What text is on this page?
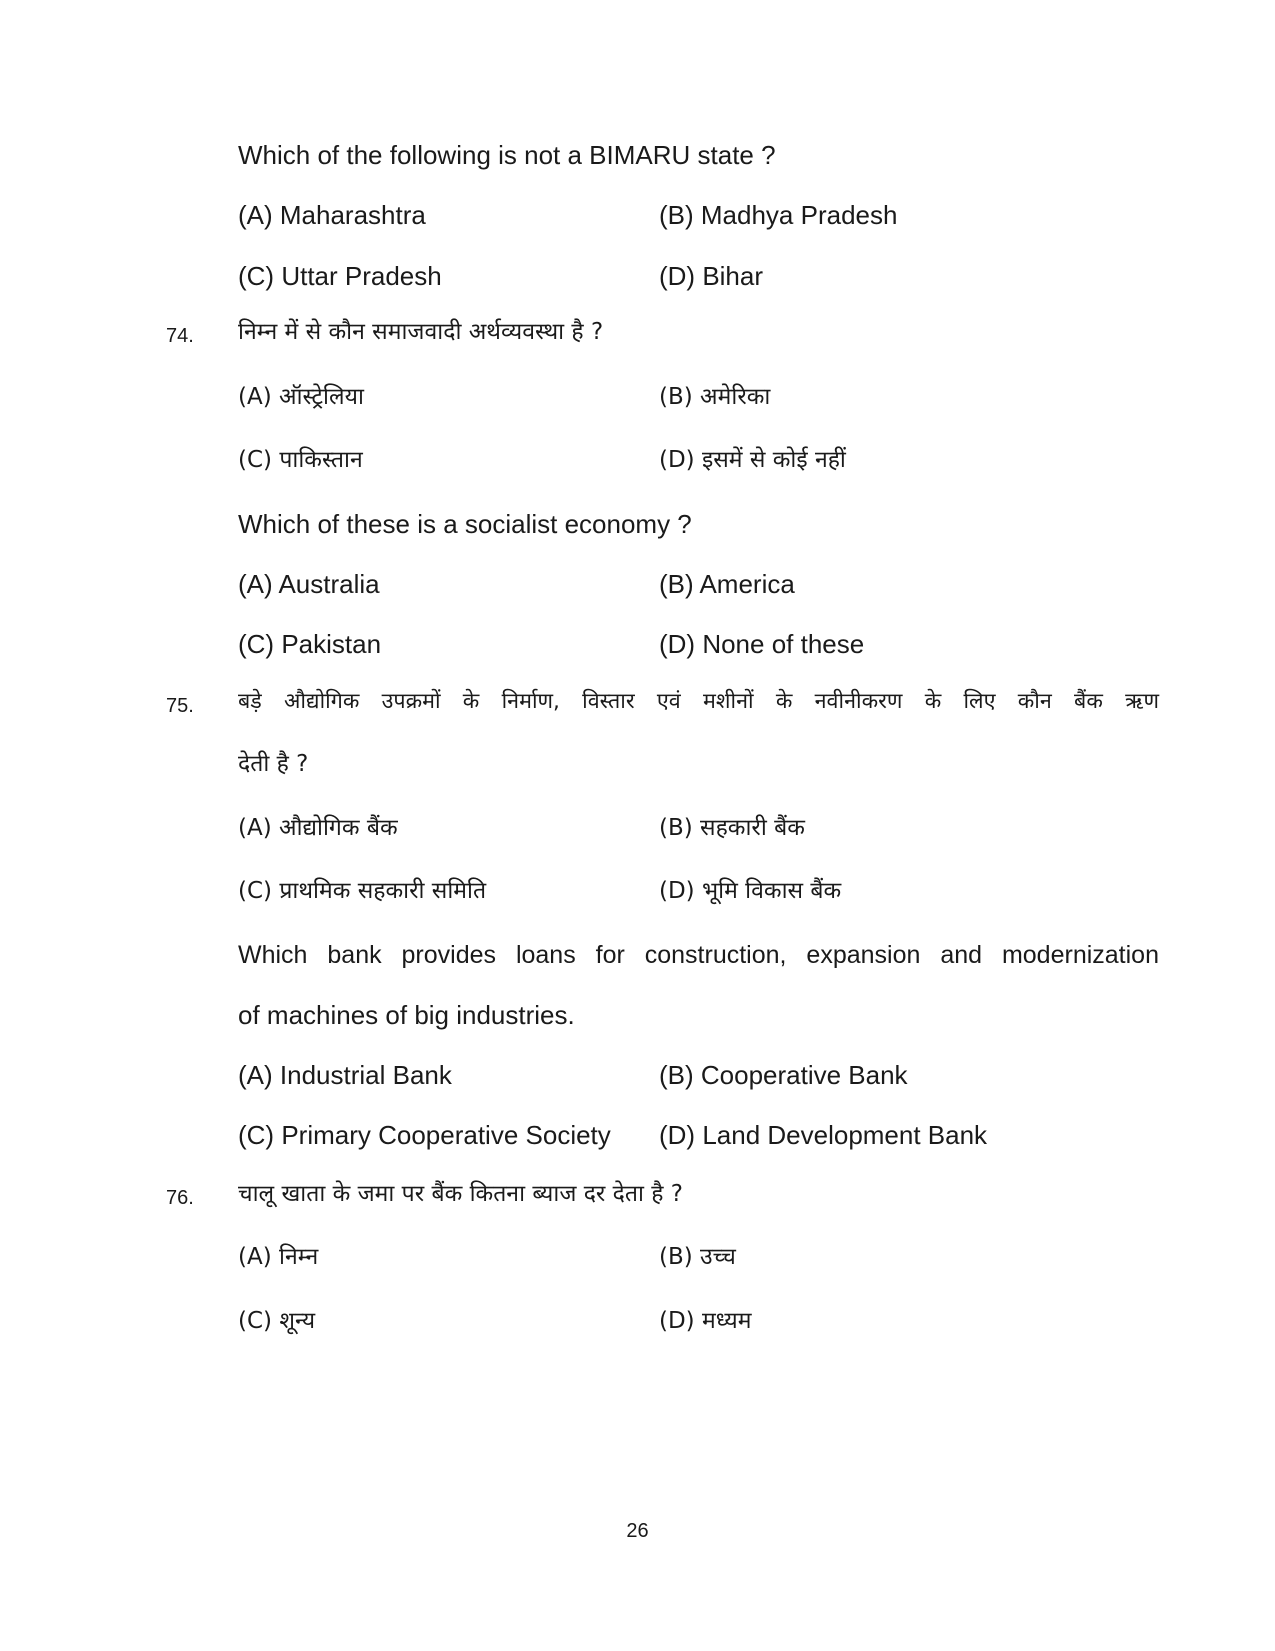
Which of the following is not a BIMARU state ?
(A) Maharashtra	(B) Madhya Pradesh
(C) Uttar Pradesh	(D) Bihar
74. निम्न में से कौन समाजवादी अर्थव्यवस्था है ?
(A) ऑस्ट्रेलिया	(B) अमेरिका
(C) पाकिस्तान	(D) इसमें से कोई नहीं
Which of these is a socialist economy ?
(A) Australia	(B) America
(C) Pakistan	(D) None of these
75. बड़े औद्योगिक उपक्रमों के निर्माण, विस्तार एवं मशीनों के नवीनीकरण के लिए कौन बैंक ऋण
देती है ?
(A) औद्योगिक बैंक	(B) सहकारी बैंक
(C) प्राथमिक सहकारी समिति	(D) भूमि विकास बैंक
Which bank provides loans for construction, expansion and modernization
of machines of big industries.
(A) Industrial Bank	(B) Cooperative Bank
(C) Primary Cooperative Society (D) Land Development Bank
76. चालू खाता के जमा पर बैंक कितना ब्याज दर देता है ?
(A) निम्न	(B) उच्च
(C) शून्य	(D) मध्यम
26
